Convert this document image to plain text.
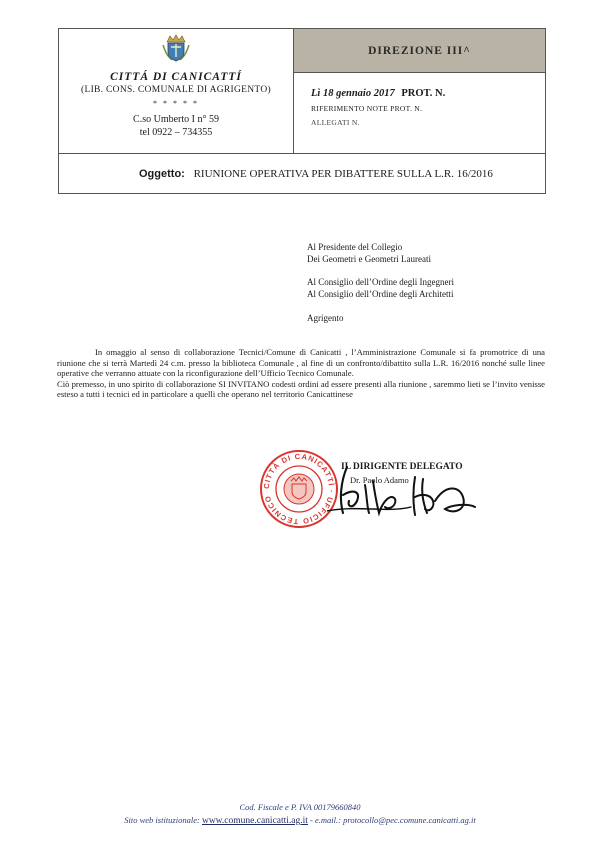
CITTÁ DI CANICATTÍ
(LIB. CONS. COMUNALE DI AGRIGENTO)
* * * * *
C.so Umberto I n° 59
tel 0922 – 734355
DIREZIONE III^
Lì 18 gennaio 2017 PROT. N.
RIFERIMENTO NOTE PROT. N.
ALLEGATI N.
Oggetto: RIUNIONE OPERATIVA PER DIBATTERE SULLA L.R. 16/2016
Al Presidente del Collegio
Dei Geometri e Geometri Laureati
Al Consiglio dell’Ordine degli Ingegneri
Al Consiglio dell’Ordine degli Architetti
Agrigento

In omaggio al senso di collaborazione Tecnici/Comune di Canicatti , l’Amministrazione Comunale si fa promotrice di una riunione che si terrà Martedì 24 c.m. presso la biblioteca Comunale , al fine di un confronto/dibattito sulla L.R. 16/2016 nonché sulle linee operative che verranno attuate con la riconfigurazione dell’Ufficio Tecnico Comunale.

Ciò premesso, in uno spirito di collaborazione SI INVITANO codesti ordini ad essere presenti alla riunione , saremmo lieti se l’invito venisse esteso a tutti i tecnici ed in particolare a quelli che operano nel territorio Canicattinese

CITTÀ DI CANICATTÌ · UFFICIO TECNICO
IL DIRIGENTE DELEGATO
Dr. Paolo Adamo
Cod. Fiscale e P. IVA 00179660840
Sito web istituzionale: www.comune.canicatti.ag.it - e.mail.: protocollo@pec.comune.canicatti.ag.it
